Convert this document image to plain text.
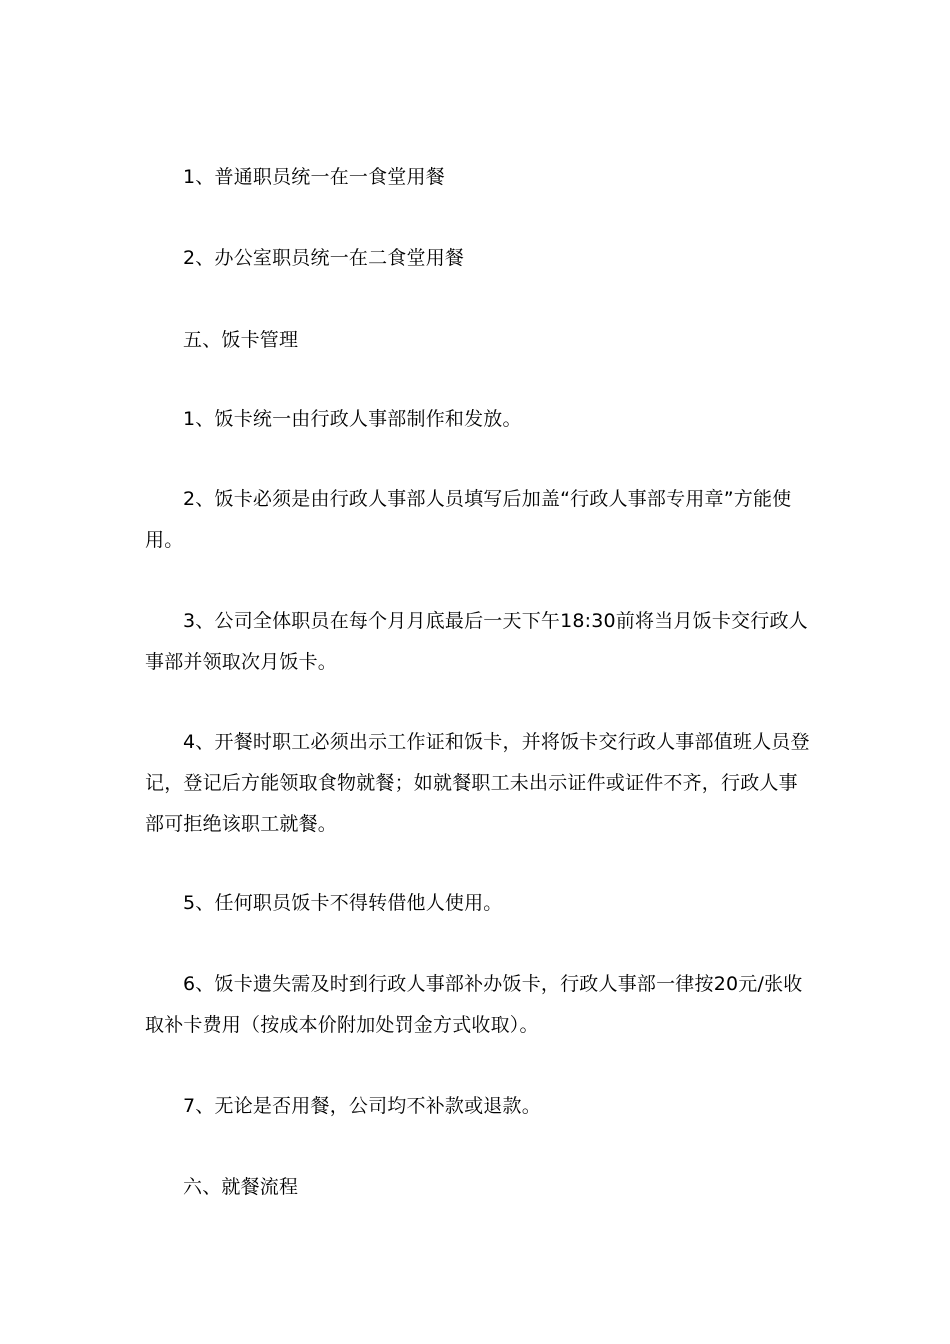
1、普通职员统一在一食堂用餐

2、办公室职员统一在二食堂用餐

五、饭卡管理

1、饭卡统一由行政人事部制作和发放。

2、饭卡必须是由行政人事部人员填写后加盖“行政人事部专用章”方能使用。

3、公司全体职员在每个月月底最后一天下午18:30前将当月饭卡交行政人事部并领取次月饭卡。

4、开餐时职工必须出示工作证和饭卡，并将饭卡交行政人事部值班人员登记，登记后方能领取食物就餐；如就餐职工未出示证件或证件不齐，行政人事部可拒绝该职工就餐。

5、任何职员饭卡不得转借他人使用。

6、饭卡遗失需及时到行政人事部补办饭卡，行政人事部一律按20元/张收取补卡费用（按成本价附加处罚金方式收取）。

7、无论是否用餐，公司均不补款或退款。

六、就餐流程
